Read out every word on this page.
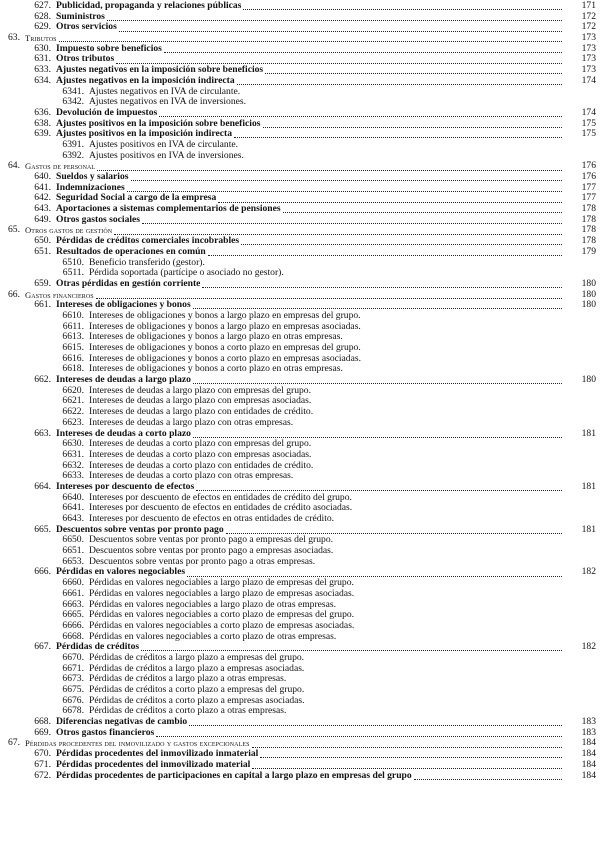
627. Publicidad, propaganda y relaciones públicas	171
628. Suministros	172
629. Otros servicios	172
63. Tributos	173
630. Impuesto sobre beneficios	173
631. Otros tributos	173
633. Ajustes negativos en la imposición sobre beneficios	173
634. Ajustes negativos en la imposición indirecta	174
6341. Ajustes negativos en IVA de circulante.
6342. Ajustes negativos en IVA de inversiones.
636. Devolución de impuestos	174
638. Ajustes positivos en la imposición sobre beneficios	175
639. Ajustes positivos en la imposición indirecta	175
6391. Ajustes positivos en IVA de circulante.
6392. Ajustes positivos en IVA de inversiones.
64. Gastos de personal	176
640. Sueldos y salarios	176
641. Indemnizaciones	177
642. Seguridad Social a cargo de la empresa	177
643. Aportaciones a sistemas complementarios de pensiones	178
649. Otros gastos sociales	178
65. Otros gastos de gestión	178
650. Pérdidas de créditos comerciales incobrables	178
651. Resultados de operaciones en común	179
6510. Beneficio transferido (gestor).
6511. Pérdida soportada (partícipe o asociado no gestor).
659. Otras pérdidas en gestión corriente	180
66. Gastos financieros	180
661. Intereses de obligaciones y bonos	180
6610. Intereses de obligaciones y bonos a largo plazo en empresas del grupo.
6611. Intereses de obligaciones y bonos a largo plazo en empresas asociadas.
6613. Intereses de obligaciones y bonos a largo plazo en otras empresas.
6615. Intereses de obligaciones y bonos a corto plazo en empresas del grupo.
6616. Intereses de obligaciones y bonos a corto plazo en empresas asociadas.
6618. Intereses de obligaciones y bonos a corto plazo en otras empresas.
662. Intereses de deudas a largo plazo	180
6620. Intereses de deudas a largo plazo con empresas del grupo.
6621. Intereses de deudas a largo plazo con empresas asociadas.
6622. Intereses de deudas a largo plazo con entidades de crédito.
6623. Intereses de deudas a largo plazo con otras empresas.
663. Intereses de deudas a corto plazo	181
6630. Intereses de deudas a corto plazo con empresas del grupo.
6631. Intereses de deudas a corto plazo con empresas asociadas.
6632. Intereses de deudas a corto plazo con entidades de crédito.
6633. Intereses de deudas a corto plazo con otras empresas.
664. Intereses por descuento de efectos	181
6640. Intereses por descuento de efectos en entidades de crédito del grupo.
6641. Intereses por descuento de efectos en entidades de crédito asociadas.
6643. Intereses por descuento de efectos en otras entidades de crédito.
665. Descuentos sobre ventas por pronto pago	181
6650. Descuentos sobre ventas por pronto pago a empresas del grupo.
6651. Descuentos sobre ventas por pronto pago a empresas asociadas.
6653. Descuentos sobre ventas por pronto pago a otras empresas.
666. Pérdidas en valores negociables	182
6660. Pérdidas en valores negociables a largo plazo de empresas del grupo.
6661. Pérdidas en valores negociables a largo plazo de empresas asociadas.
6663. Pérdidas en valores negociables a largo plazo de otras empresas.
6665. Pérdidas en valores negociables a corto plazo de empresas del grupo.
6666. Pérdidas en valores negociables a corto plazo de empresas asociadas.
6668. Pérdidas en valores negociables a corto plazo de otras empresas.
667. Pérdidas de créditos	182
6670. Pérdidas de créditos a largo plazo a empresas del grupo.
6671. Pérdidas de créditos a largo plazo a empresas asociadas.
6673. Pérdidas de créditos a largo plazo a otras empresas.
6675. Pérdidas de créditos a corto plazo a empresas del grupo.
6676. Pérdidas de créditos a corto plazo a empresas asociadas.
6678. Pérdidas de créditos a corto plazo a otras empresas.
668. Diferencias negativas de cambio	183
669. Otros gastos financieros	183
67. Pérdidas procedentes del inmovilizado y gastos excepcionales	184
670. Pérdidas procedentes del inmovilizado inmaterial	184
671. Pérdidas procedentes del inmovilizado material	184
672. Pérdidas procedentes de participaciones en capital a largo plazo en empresas del grupo	184
